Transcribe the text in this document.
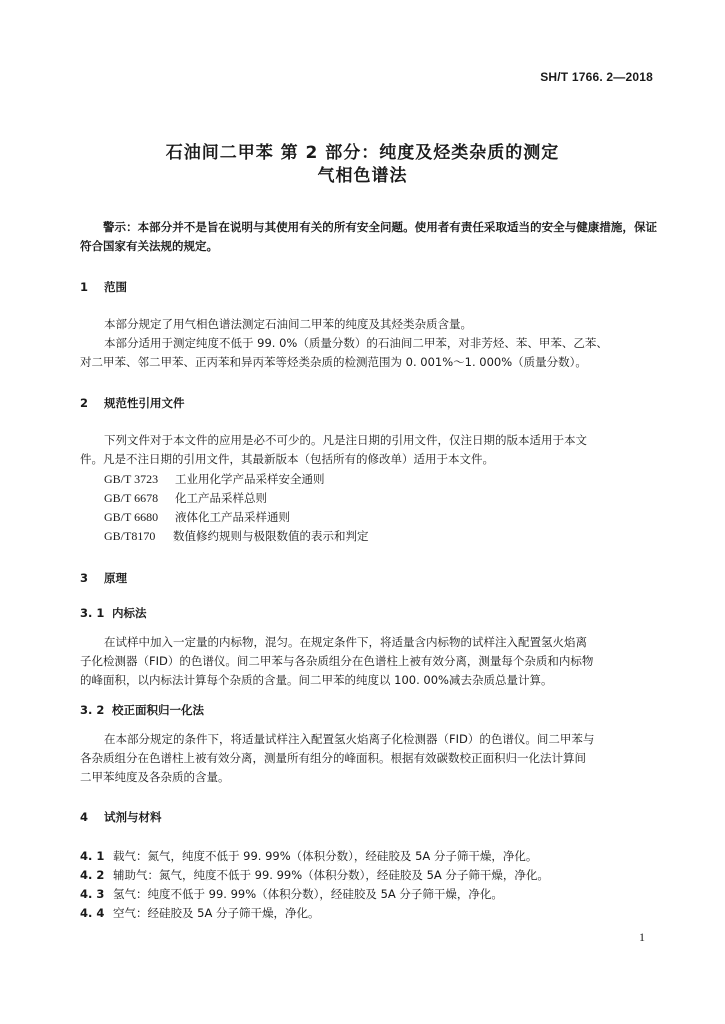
SH/T 1766. 2—2018
石油间二甲苯 第 2 部分：纯度及烃类杂质的测定
气相色谱法
警示：本部分并不是旨在说明与其使用有关的所有安全问题。使用者有责任采取适当的安全与健康措施，保证符合国家有关法规的规定。
1 范围
本部分规定了用气相色谱法测定石油间二甲苯的纯度及其烃类杂质含量。
本部分适用于测定纯度不低于 99. 0%（质量分数）的石油间二甲苯，对非芳烃、苯、甲苯、乙苯、
对二甲苯、邻二甲苯、正丙苯和异丙苯等烃类杂质的检测范围为 0. 001%～1. 000%（质量分数）。
2 规范性引用文件
下列文件对于本文件的应用是必不可少的。凡是注日期的引用文件，仅注日期的版本适用于本文
件。凡是不注日期的引用文件，其最新版本（包括所有的修改单）适用于本文件。
GB/T 3723 工业用化学产品采样安全通则
GB/T 6678 化工产品采样总则
GB/T 6680 液体化工产品采样通则
GB/T8170 数值修约规则与极限数值的表示和判定
3 原理
3. 1 内标法
在试样中加入一定量的内标物，混匀。在规定条件下，将适量含内标物的试样注入配置氢火焰离
子化检测器（FID）的色谱仪。间二甲苯与各杂质组分在色谱柱上被有效分离，测量每个杂质和内标物
的峰面积，以内标法计算每个杂质的含量。间二甲苯的纯度以 100. 00%减去杂质总量计算。
3. 2 校正面积归一化法
在本部分规定的条件下，将适量试样注入配置氢火焰离子化检测器（FID）的色谱仪。间二甲苯与
各杂质组分在色谱柱上被有效分离，测量所有组分的峰面积。根据有效碳数校正面积归一化法计算间
二甲苯纯度及各杂质的含量。
4 试剂与材料
4. 1 载气：氮气，纯度不低于 99. 99%（体积分数），经硅胶及 5A 分子筛干燥，净化。
4. 2 辅助气：氮气，纯度不低于 99. 99%（体积分数），经硅胶及 5A 分子筛干燥，净化。
4. 3 氢气：纯度不低于 99. 99%（体积分数），经硅胶及 5A 分子筛干燥，净化。
4. 4 空气：经硅胶及 5A 分子筛干燥，净化。
1
